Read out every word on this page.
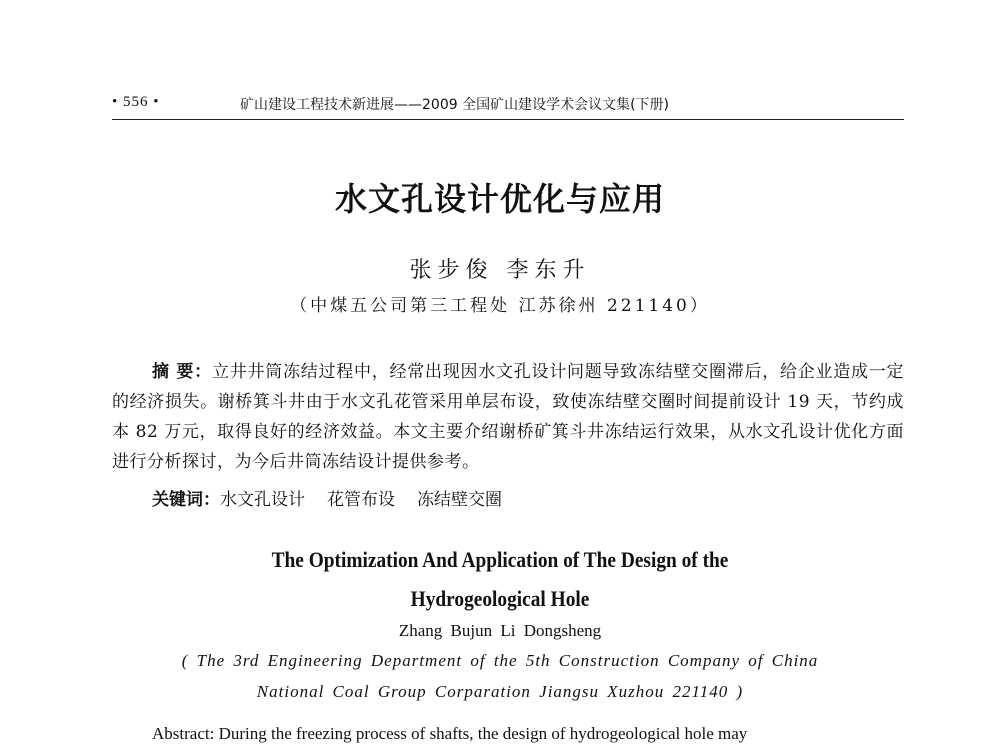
• 556 •	矿山建设工程技术新进展——2009 全国矿山建设学术会议文集(下册)
水文孔设计优化与应用
张步俊 李东升
（中煤五公司第三工程处 江苏徐州 221140）
摘 要：立井井筒冻结过程中，经常出现因水文孔设计问题导致冻结壁交圈滞后，给企业造成一定的经济损失。谢桥箕斗井由于水文孔花管采用单层布设，致使冻结壁交圈时间提前设计 19 天，节约成本 82 万元，取得良好的经济效益。本文主要介绍谢桥矿箕斗井冻结运行效果，从水文孔设计优化方面进行分析探讨，为今后井筒冻结设计提供参考。
关键词：水文孔设计 花管布设 冻结壁交圈
The Optimization And Application of The Design of the
Hydrogeological Hole
Zhang Bujun Li Dongsheng
( The 3rd Engineering Department of the 5th Construction Company of China
National Coal Group Corparation Jiangsu Xuzhou 221140 )
Abstract: During the freezing process of shafts, the design of hydrogeological hole may
